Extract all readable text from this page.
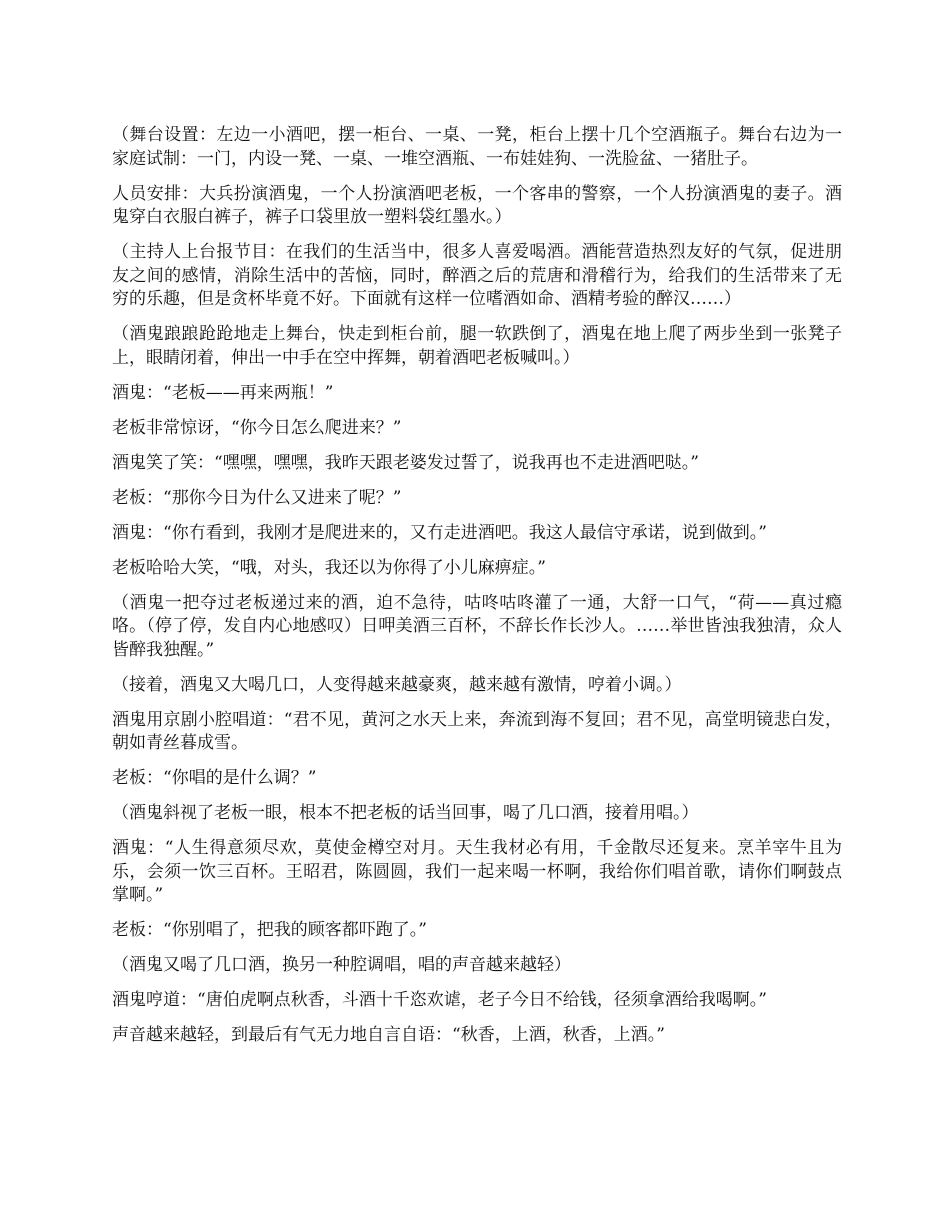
（舞台设置：左边一小酒吧，摆一柜台、一桌、一凳，柜台上摆十几个空酒瓶子。舞台右边为一家庭试制：一门，内设一凳、一桌、一堆空酒瓶、一布娃娃狗、一洗脸盆、一猪肚子。

人员安排：大兵扮演酒鬼，一个人扮演酒吧老板，一个客串的警察，一个人扮演酒鬼的妻子。酒鬼穿白衣服白裤子，裤子口袋里放一塑料袋红墨水。）

（主持人上台报节目：在我们的生活当中，很多人喜爱喝酒。酒能营造热烈友好的气氛，促进朋友之间的感情，消除生活中的苦恼，同时，醉酒之后的荒唐和滑稽行为，给我们的生活带来了无穷的乐趣，但是贪杯毕竟不好。下面就有这样一位嗜酒如命、酒精考验的醉汉……）

（酒鬼踉踉跄跄地走上舞台，快走到柜台前，腿一软跌倒了，酒鬼在地上爬了两步坐到一张凳子上，眼睛闭着，伸出一中手在空中挥舞，朝着酒吧老板喊叫。）

酒鬼：“老板——再来两瓶！”

老板非常惊讶，“你今日怎么爬进来？”

酒鬼笑了笑：“嘿嘿，嘿嘿，我昨天跟老婆发过誓了，说我再也不走进酒吧哒。”

老板：“那你今日为什么又进来了呢？”

酒鬼：“你冇看到，我刚才是爬进来的，又冇走进酒吧。我这人最信守承诺，说到做到。”

老板哈哈大笑，“哦，对头，我还以为你得了小儿麻痹症。”

（酒鬼一把夺过老板递过来的酒，迫不急待，咕咚咕咚灌了一通，大舒一口气，“荷——真过瘾咯。（停了停，发自内心地感叹）日呷美酒三百杯，不辞长作长沙人。……举世皆浊我独清，众人皆醉我独醒。”

（接着，酒鬼又大喝几口，人变得越来越豪爽，越来越有激情，哼着小调。）

酒鬼用京剧小腔唱道：“君不见，黄河之水天上来，奔流到海不复回；君不见，高堂明镜悲白发，朝如青丝暮成雪。

老板：“你唱的是什么调？”

（酒鬼斜视了老板一眼，根本不把老板的话当回事，喝了几口酒，接着用唱。）

酒鬼：“人生得意须尽欢，莫使金樽空对月。天生我材必有用，千金散尽还复来。烹羊宰牛且为乐，会须一饮三百杯。王昭君，陈圆圆，我们一起来喝一杯啊，我给你们唱首歌，请你们啊鼓点掌啊。”

老板：“你别唱了，把我的顾客都吓跑了。”

（酒鬼又喝了几口酒，换另一种腔调唱，唱的声音越来越轻）

酒鬼哼道：“唐伯虎啊点秋香，斗酒十千恣欢谑，老子今日不给钱，径须拿酒给我喝啊。”

声音越来越轻，到最后有气无力地自言自语：“秋香，上酒，秋香，上酒。”
